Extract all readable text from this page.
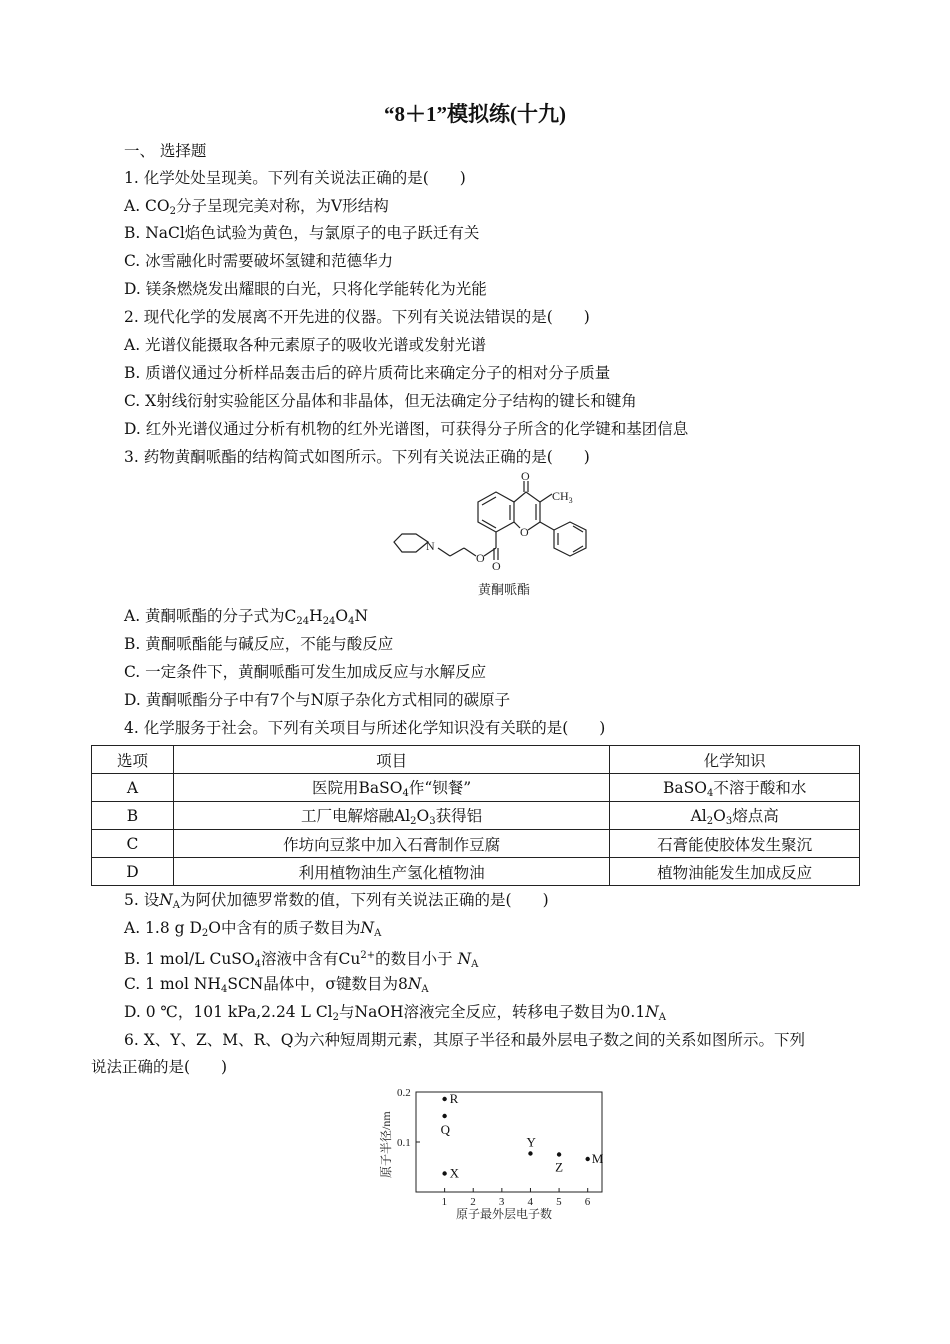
“8＋1”模拟练(十九)
一、 选择题
1. 化学处处呈现美。下列有关说法正确的是(　　)
A. $CO_2$分子呈现完美对称，为V形结构
B. NaCl焰色试验为黄色，与氯原子的电子跃迁有关
C. 冰雪融化时需要破坏氢键和范德华力
D. 镁条燃烧发出耀眼的白光，只将化学能转化为光能
2. 现代化学的发展离不开先进的仪器。下列有关说法错误的是(　　)
A. 光谱仪能摄取各种元素原子的吸收光谱或发射光谱
B. 质谱仪通过分析样品轰击后的碎片质荷比来确定分子的相对分子质量
C. X射线衍射实验能区分晶体和非晶体，但无法确定分子结构的键长和键角
D. 红外光谱仪通过分析有机物的红外光谱图，可获得分子所含的化学键和基团信息
3. 药物黄酮哌酯的结构简式如图所示。下列有关说法正确的是(　　)
O
$CH_3$
O
N
O
O
黄酮哌酯
A. 黄酮哌酯的分子式为$C_{24}H_{24}O_4N$
B. 黄酮哌酯能与碱反应，不能与酸反应
C. 一定条件下，黄酮哌酯可发生加成反应与水解反应
D. 黄酮哌酯分子中有7个与N原子杂化方式相同的碳原子
4. 化学服务于社会。下列有关项目与所述化学知识没有关联的是(　　)
选项	项目	化学知识
A	医院用BaSO$_4$作“钡餐”	BaSO$_4$不溶于酸和水
B	工厂电解熔融$Al_2O_3$获得铝	$Al_2O_3$熔点高
C	作坊向豆浆中加入石膏制作豆腐	石膏能使胶体发生聚沉
D	利用植物油生产氢化植物油	植物油能发生加成反应
5. 设$N_A$为阿伏加德罗常数的值，下列有关说法正确的是(　　)
A. 1.8 g $D_2O$中含有的质子数目为$N_A$
B. 1 mol/L CuSO$_4$溶液中含有$Cu^{2+}$的数目小于 $N_A$
C. 1 mol $NH_4SCN$晶体中，σ键数目为$8N_A$
D. 0 ℃，101 kPa,2.24 L $Cl_2$与NaOH溶液完全反应，转移电子数目为$0.1N_A$
6. X、Y、Z、M、R、Q为六种短周期元素，其原子半径和最外层电子数之间的关系如图所示。下列
说法正确的是(　　)
原子半径/nm
原子最外层电子数
1 2 3 4 5 6
0.1
0.2	R
Q
X
Y
Z
M
